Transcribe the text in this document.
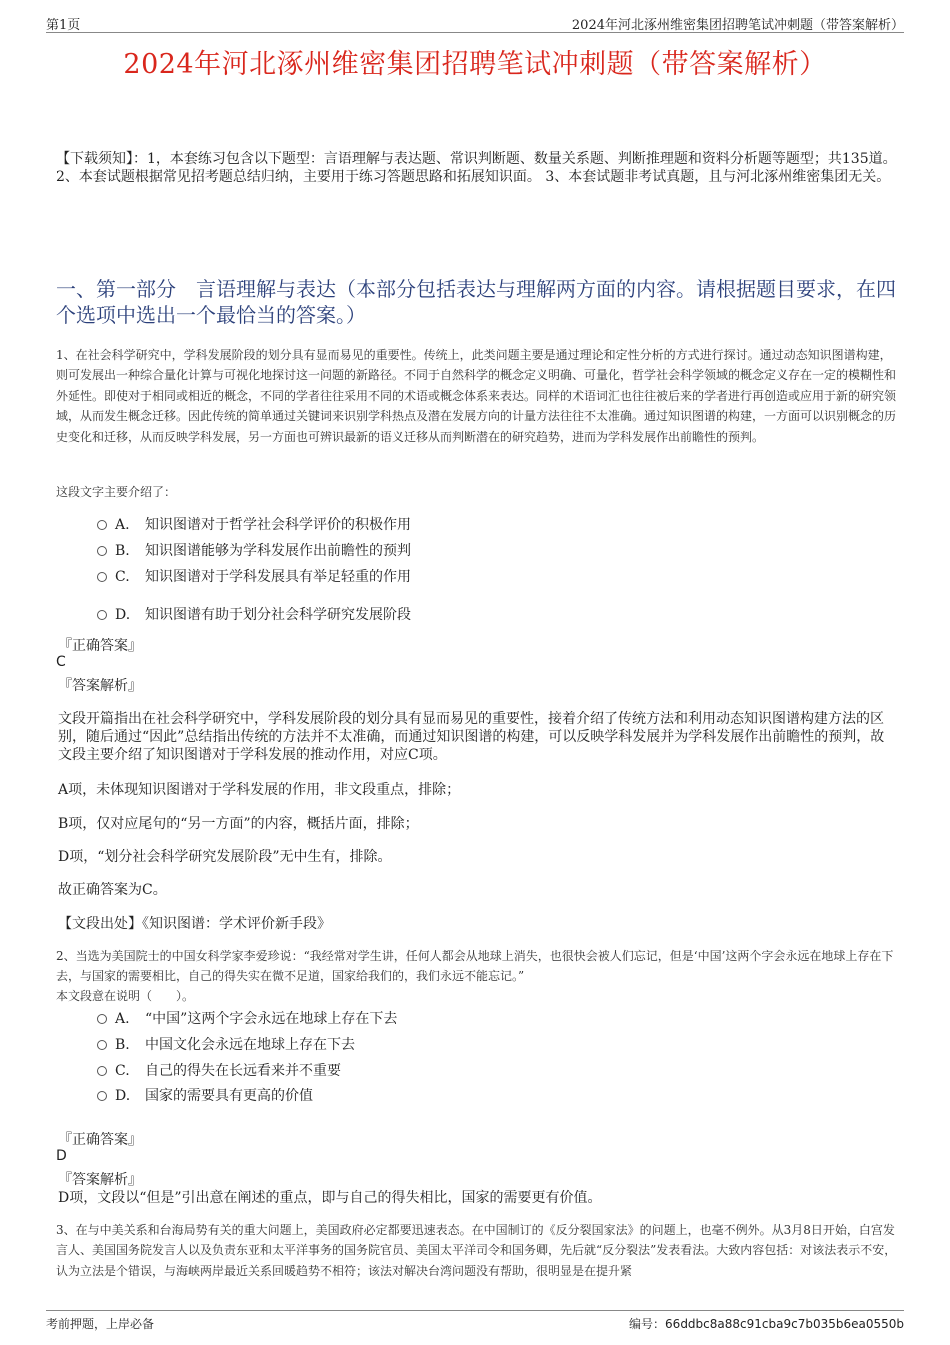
第1页	2024年河北涿州维密集团招聘笔试冲刺题（带答案解析）
2024年河北涿州维密集团招聘笔试冲刺题（带答案解析）
【下载须知】：1，本套练习包含以下题型：言语理解与表达题、常识判断题、数量关系题、判断推理题和资料分析题等题型；共135道。 2、本套试题根据常见招考题总结归纳，主要用于练习答题思路和拓展知识面。 3、本套试题非考试真题，且与河北涿州维密集团无关。
一、第一部分　言语理解与表达（本部分包括表达与理解两方面的内容。请根据题目要求，在四个选项中选出一个最恰当的答案。）
1、在社会科学研究中，学科发展阶段的划分具有显而易见的重要性。传统上，此类问题主要是通过理论和定性分析的方式进行探讨。通过动态知识图谱构建，则可发展出一种综合量化计算与可视化地探讨这一问题的新路径。不同于自然科学的概念定义明确、可量化，哲学社会科学领域的概念定义存在一定的模糊性和外延性。即使对于相同或相近的概念，不同的学者往往采用不同的术语或概念体系来表达。同样的术语词汇也往往被后来的学者进行再创造或应用于新的研究领域，从而发生概念迁移。因此传统的简单通过关键词来识别学科热点及潜在发展方向的计量方法往往不太准确。通过知识图谱的构建，一方面可以识别概念的历史变化和迁移，从而反映学科发展，另一方面也可辨识最新的语义迁移从而判断潜在的研究趋势，进而为学科发展作出前瞻性的预判。
这段文字主要介绍了：
A. 知识图谱对于哲学社会科学评价的积极作用
B. 知识图谱能够为学科发展作出前瞻性的预判
C. 知识图谱对于学科发展具有举足轻重的作用
D. 知识图谱有助于划分社会科学研究发展阶段
『正确答案』
C
『答案解析』
文段开篇指出在社会科学研究中，学科发展阶段的划分具有显而易见的重要性，接着介绍了传统方法和利用动态知识图谱构建方法的区别，随后通过“因此”总结指出传统的方法并不太准确，而通过知识图谱的构建，可以反映学科发展并为学科发展作出前瞻性的预判，故文段主要介绍了知识图谱对于学科发展的推动作用，对应C项。
A项，未体现知识图谱对于学科发展的作用，非文段重点，排除；
B项，仅对应尾句的“另一方面”的内容，概括片面，排除；
D项，“划分社会科学研究发展阶段”无中生有，排除。
故正确答案为C。
【文段出处】《知识图谱：学术评价新手段》
2、当选为美国院士的中国女科学家李爱珍说：“我经常对学生讲，任何人都会从地球上消失，也很快会被人们忘记，但是‘中国’这两个字会永远在地球上存在下去，与国家的需要相比，自己的得失实在微不足道，国家给我们的，我们永远不能忘记。”
本文段意在说明（　　）。
A. “中国”这两个字会永远在地球上存在下去
B. 中国文化会永远在地球上存在下去
C. 自己的得失在长远看来并不重要
D. 国家的需要具有更高的价值
『正确答案』
D
『答案解析』
D项，文段以“但是”引出意在阐述的重点，即与自己的得失相比，国家的需要更有价值。
3、在与中美关系和台海局势有关的重大问题上，美国政府必定都要迅速表态。在中国制订的《反分裂国家法》的问题上，也毫不例外。从3月8日开始，白宫发言人、美国国务院发言人以及负责东亚和太平洋事务的国务院官员、美国太平洋司令和国务卿，先后就“反分裂法”发表看法。大致内容包括：对该法表示不安，认为立法是个错误，与海峡两岸最近关系回暖趋势不相符；该法对解决台湾问题没有帮助，很明显是在提升紧
考前押题，上岸必备	编号：66ddbc8a88c91cba9c7b035b6ea0550b
